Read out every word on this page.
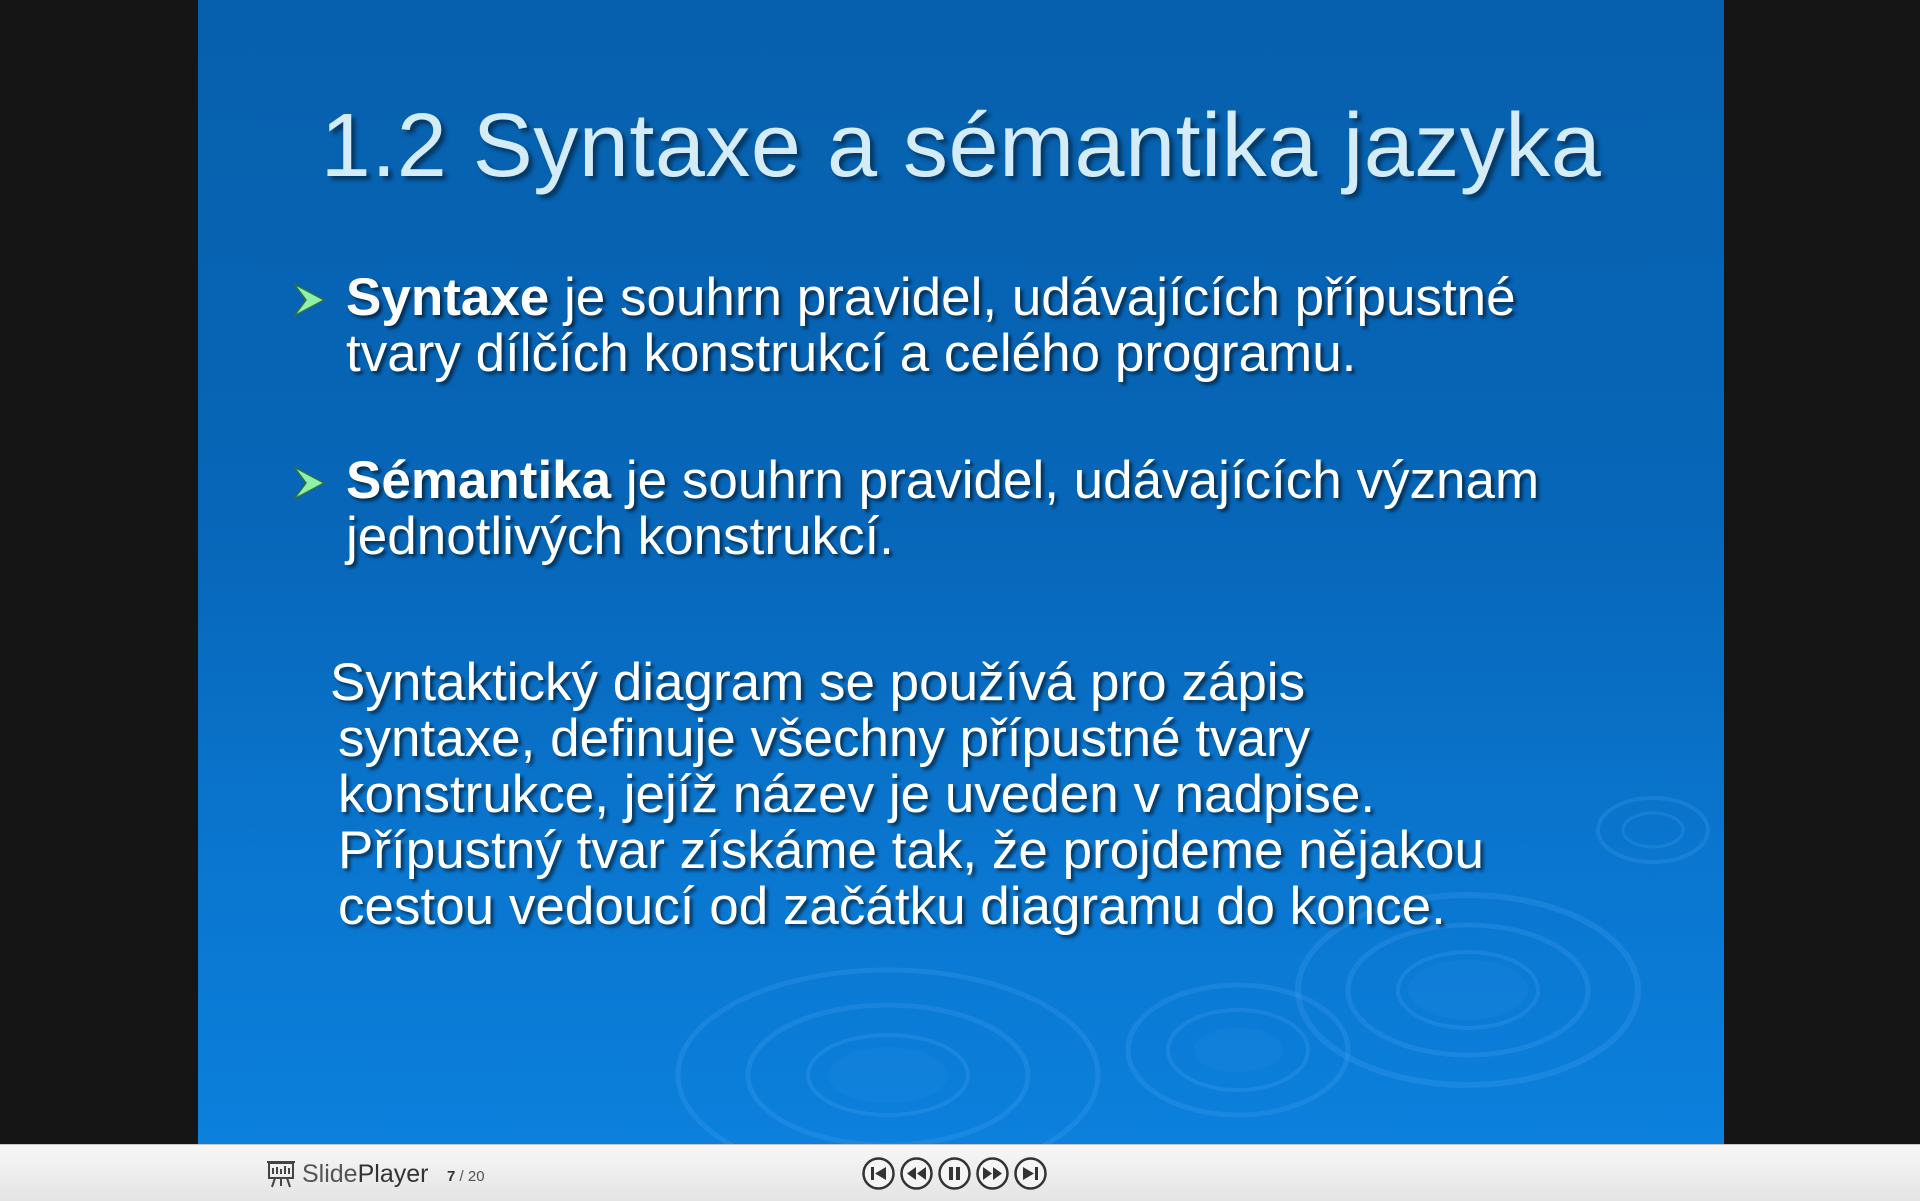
1.2 Syntaxe a sémantika jazyka
Syntaxe je souhrn pravidel, udávajících přípustné tvary dílčích konstrukcí a celého programu.
Sémantika je souhrn pravidel, udávajících význam jednotlivých konstrukcí.
Syntaktický diagram se používá pro zápis
syntaxe, definuje všechny přípustné tvary
konstrukce, jejíž název je uveden v nadpise.
Přípustný tvar získáme tak, že projdeme nějakou
cestou vedoucí od začátku diagramu do konce.
SlidePlayer 7 / 20
